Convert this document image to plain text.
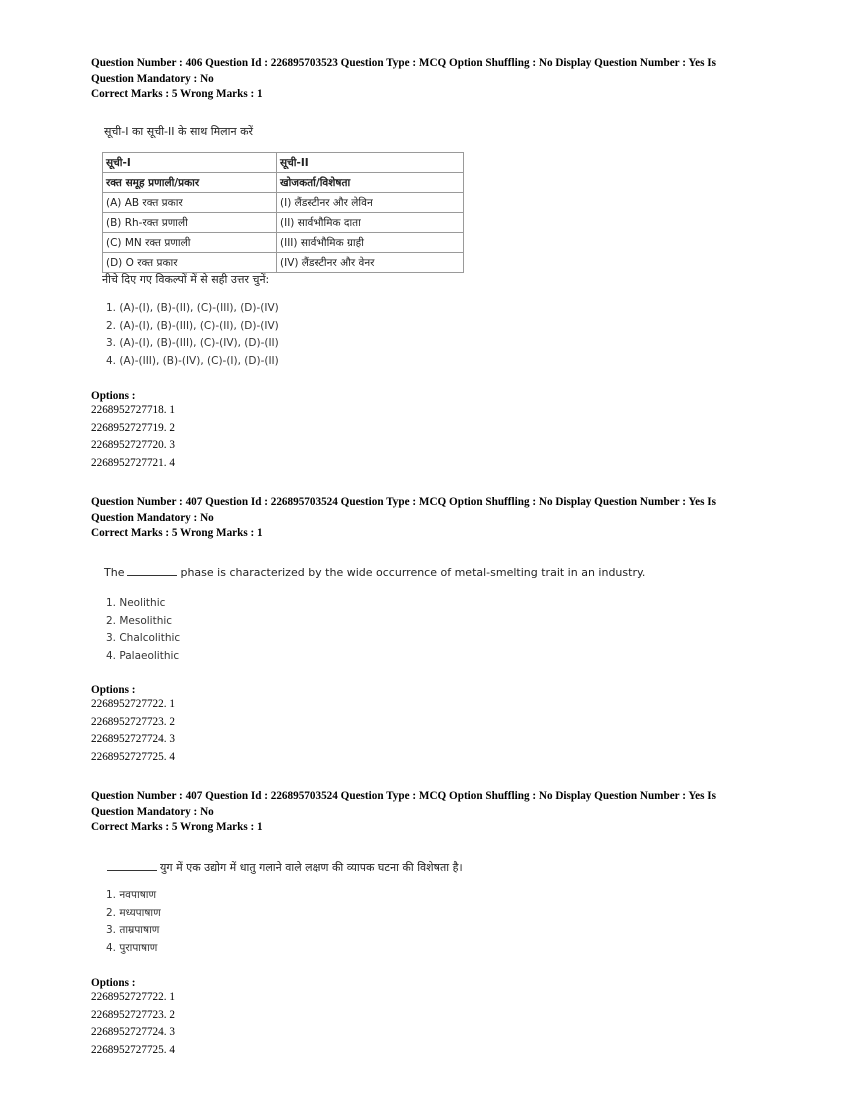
Question Number : 406 Question Id : 226895703523 Question Type : MCQ Option Shuffling : No Display Question Number : Yes Is
Question Mandatory : No
Correct Marks : 5 Wrong Marks : 1
सूची-I का सूची-II के साथ मिलान करें
सूची-I	सूची-II
रक्त समूह प्रणाली/प्रकार	खोजकर्ता/विशेषता
(A) AB रक्त प्रकार	(I) लैंडस्टीनर और लेविन
(B) Rh-रक्त प्रणाली	(II) सार्वभौमिक दाता
(C) MN रक्त प्रणाली	(III) सार्वभौमिक ग्राही
(D) O रक्त प्रकार	(IV) लैंडस्टीनर और वेनर
नीचे दिए गए विकल्पों में से सही उत्तर चुनें:
1. (A)-(I), (B)-(II), (C)-(III), (D)-(IV)
2. (A)-(I), (B)-(III), (C)-(II), (D)-(IV)
3. (A)-(I), (B)-(III), (C)-(IV), (D)-(II)
4. (A)-(III), (B)-(IV), (C)-(I), (D)-(II)
Options :
2268952727718. 1
2268952727719. 2
2268952727720. 3
2268952727721. 4
Question Number : 407 Question Id : 226895703524 Question Type : MCQ Option Shuffling : No Display Question Number : Yes Is
Question Mandatory : No
Correct Marks : 5 Wrong Marks : 1
The	phase is characterized by the wide occurrence of metal-smelting trait in an industry.
1. Neolithic
2. Mesolithic
3. Chalcolithic
4. Palaeolithic
Options :
2268952727722. 1
2268952727723. 2
2268952727724. 3
2268952727725. 4
Question Number : 407 Question Id : 226895703524 Question Type : MCQ Option Shuffling : No Display Question Number : Yes Is
Question Mandatory : No
Correct Marks : 5 Wrong Marks : 1
युग में एक उद्योग में धातु गलाने वाले लक्षण की व्यापक घटना की विशेषता है।
1. नवपाषाण
2. मध्यपाषाण
3. ताम्रपाषाण
4. पुरापाषाण
Options :
2268952727722. 1
2268952727723. 2
2268952727724. 3
2268952727725. 4
